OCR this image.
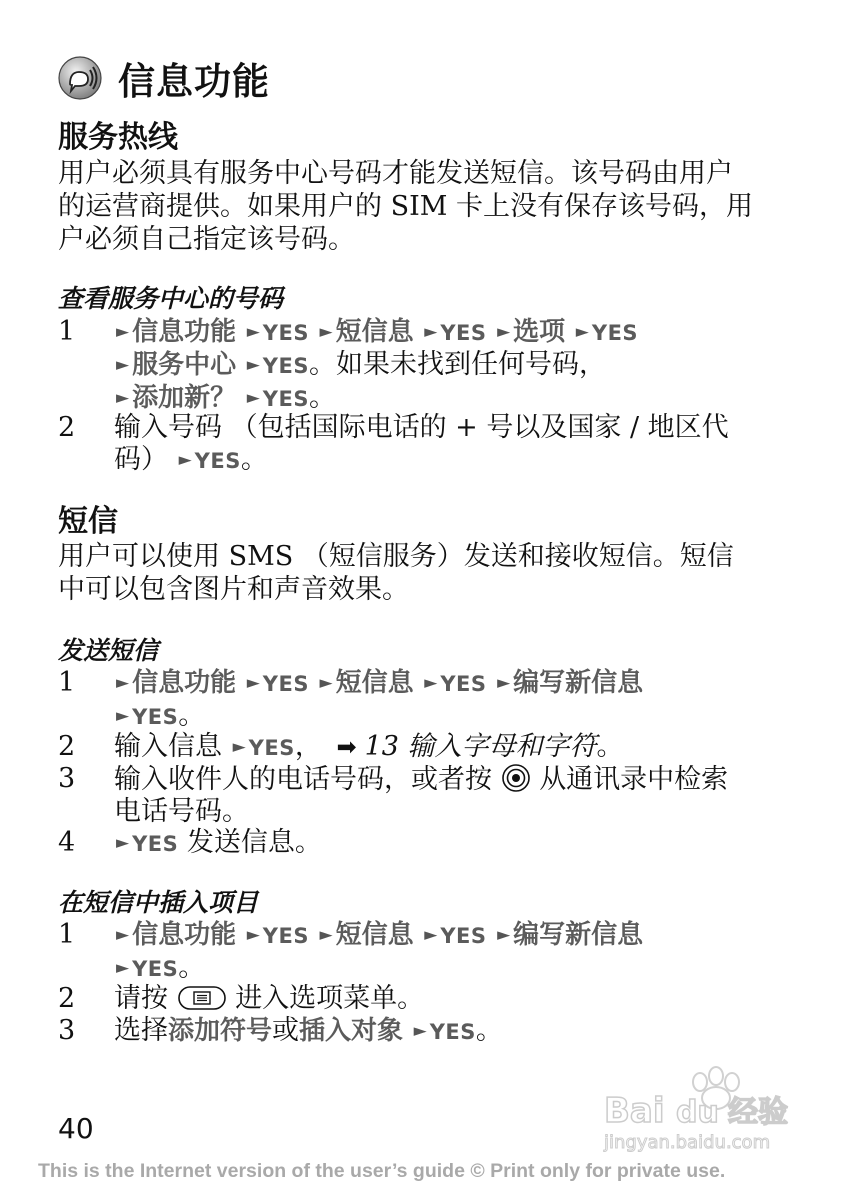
信息功能
服务热线
用户必须具有服务中心号码才能发送短信。该号码由用户
的运营商提供。如果用户的 SIM 卡上没有保存该号码，用
户必须自己指定该号码。
查看服务中心的号码
1 ► 信息功能 ► YES ► 短信息 ► YES ► 选项 ► YES
► 服务中心 ► YES。如果未找到任何号码，
► 添加新？ ► YES。
2 输入号码 （包括国际电话的 + 号以及国家 / 地区代
码） ► YES。
短信
用户可以使用 SMS （短信服务）发送和接收短信。短信
中可以包含图片和声音效果。
发送短信
1 ► 信息功能 ► YES ► 短信息 ► YES ► 编写新信息
► YES。
2 输入信息 ► YES， ➡ 13 输入字母和字符。
3 输入收件人的电话号码，或者按 从通讯录中检索
电话号码。
4 ► YES 发送信息。
在短信中插入项目
1 ► 信息功能 ► YES ► 短信息 ► YES ► 编写新信息
► YES。
2 请按 进入选项菜单。
3 选择添加符号或插入对象 ► YES。
Bai du 经验
jingyan.baidu.com
40
This is the Internet version of the user’s guide © Print only for private use.
